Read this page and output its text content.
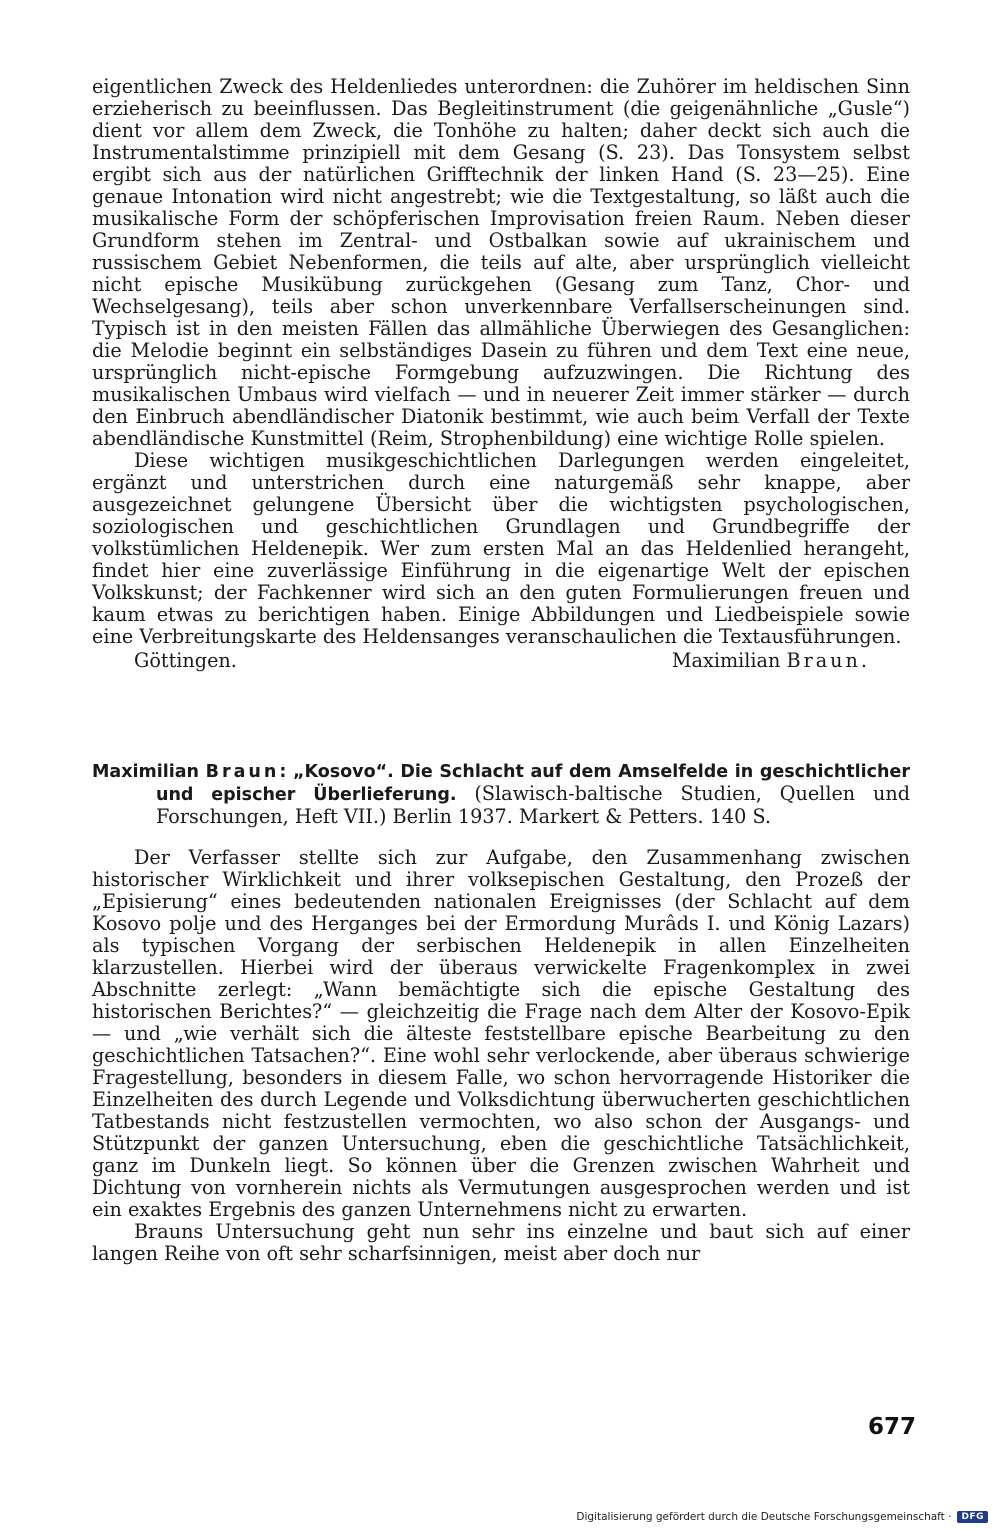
eigentlichen Zweck des Heldenliedes unterordnen: die Zuhörer im heldischen Sinn erzieherisch zu beeinflussen. Das Begleitinstrument (die geigenähnliche „Gusle“) dient vor allem dem Zweck, die Tonhöhe zu halten; daher deckt sich auch die Instrumentalstimme prinzipiell mit dem Gesang (S. 23). Das Tonsystem selbst ergibt sich aus der natürlichen Grifftechnik der linken Hand (S. 23—25). Eine genaue Intonation wird nicht angestrebt; wie die Textgestaltung, so läßt auch die musikalische Form der schöpferischen Improvisation freien Raum. Neben dieser Grundform stehen im Zentral- und Ostbalkan sowie auf ukrainischem und russischem Gebiet Nebenformen, die teils auf alte, aber ursprünglich vielleicht nicht epische Musikübung zurückgehen (Gesang zum Tanz, Chor- und Wechselgesang), teils aber schon unverkennbare Verfallserscheinungen sind. Typisch ist in den meisten Fällen das allmähliche Überwiegen des Gesanglichen: die Melodie beginnt ein selbständiges Dasein zu führen und dem Text eine neue, ursprünglich nicht-epische Formgebung aufzuzwingen. Die Richtung des musikalischen Umbaus wird vielfach — und in neuerer Zeit immer stärker — durch den Einbruch abendländischer Diatonik bestimmt, wie auch beim Verfall der Texte abendländische Kunstmittel (Reim, Strophenbildung) eine wichtige Rolle spielen.

Diese wichtigen musikgeschichtlichen Darlegungen werden eingeleitet, ergänzt und unterstrichen durch eine naturgemäß sehr knappe, aber ausgezeichnet gelungene Übersicht über die wichtigsten psychologischen, soziologischen und geschichtlichen Grundlagen und Grundbegriffe der volkstümlichen Heldenepik. Wer zum ersten Mal an das Heldenlied herangeht, findet hier eine zuverlässige Einführung in die eigenartige Welt der epischen Volkskunst; der Fachkenner wird sich an den guten Formulierungen freuen und kaum etwas zu berichtigen haben. Einige Abbildungen und Liedbeispiele sowie eine Verbreitungskarte des Heldensanges veranschaulichen die Textausführungen.

Göttingen.	Maximilian Braun.

Maximilian Braun: „Kosovo“. Die Schlacht auf dem Amselfelde in geschichtlicher und epischer Überlieferung. (Slawisch-baltische Studien, Quellen und Forschungen, Heft VII.) Berlin 1937. Markert & Petters. 140 S.

Der Verfasser stellte sich zur Aufgabe, den Zusammenhang zwischen historischer Wirklichkeit und ihrer volksepischen Gestaltung, den Prozeß der „Episierung“ eines bedeutenden nationalen Ereignisses (der Schlacht auf dem Kosovo polje und des Herganges bei der Ermordung Murâds I. und König Lazars) als typischen Vorgang der serbischen Heldenepik in allen Einzelheiten klarzustellen. Hierbei wird der überaus verwickelte Fragenkomplex in zwei Abschnitte zerlegt: „Wann bemächtigte sich die epische Gestaltung des historischen Berichtes?“ — gleichzeitig die Frage nach dem Alter der Kosovo-Epik — und „wie verhält sich die älteste feststellbare epische Bearbeitung zu den geschichtlichen Tatsachen?“. Eine wohl sehr verlockende, aber überaus schwierige Fragestellung, besonders in diesem Falle, wo schon hervorragende Historiker die Einzelheiten des durch Legende und Volksdichtung überwucherten geschichtlichen Tatbestands nicht festzustellen vermochten, wo also schon der Ausgangs- und Stützpunkt der ganzen Untersuchung, eben die geschichtliche Tatsächlichkeit, ganz im Dunkeln liegt. So können über die Grenzen zwischen Wahrheit und Dichtung von vornherein nichts als Vermutungen ausgesprochen werden und ist ein exaktes Ergebnis des ganzen Unternehmens nicht zu erwarten.

Brauns Untersuchung geht nun sehr ins einzelne und baut sich auf einer langen Reihe von oft sehr scharfsinnigen, meist aber doch nur

677
Digitalisierung gefördert durch die Deutsche Forschungsgemeinschaft ·	DFG
